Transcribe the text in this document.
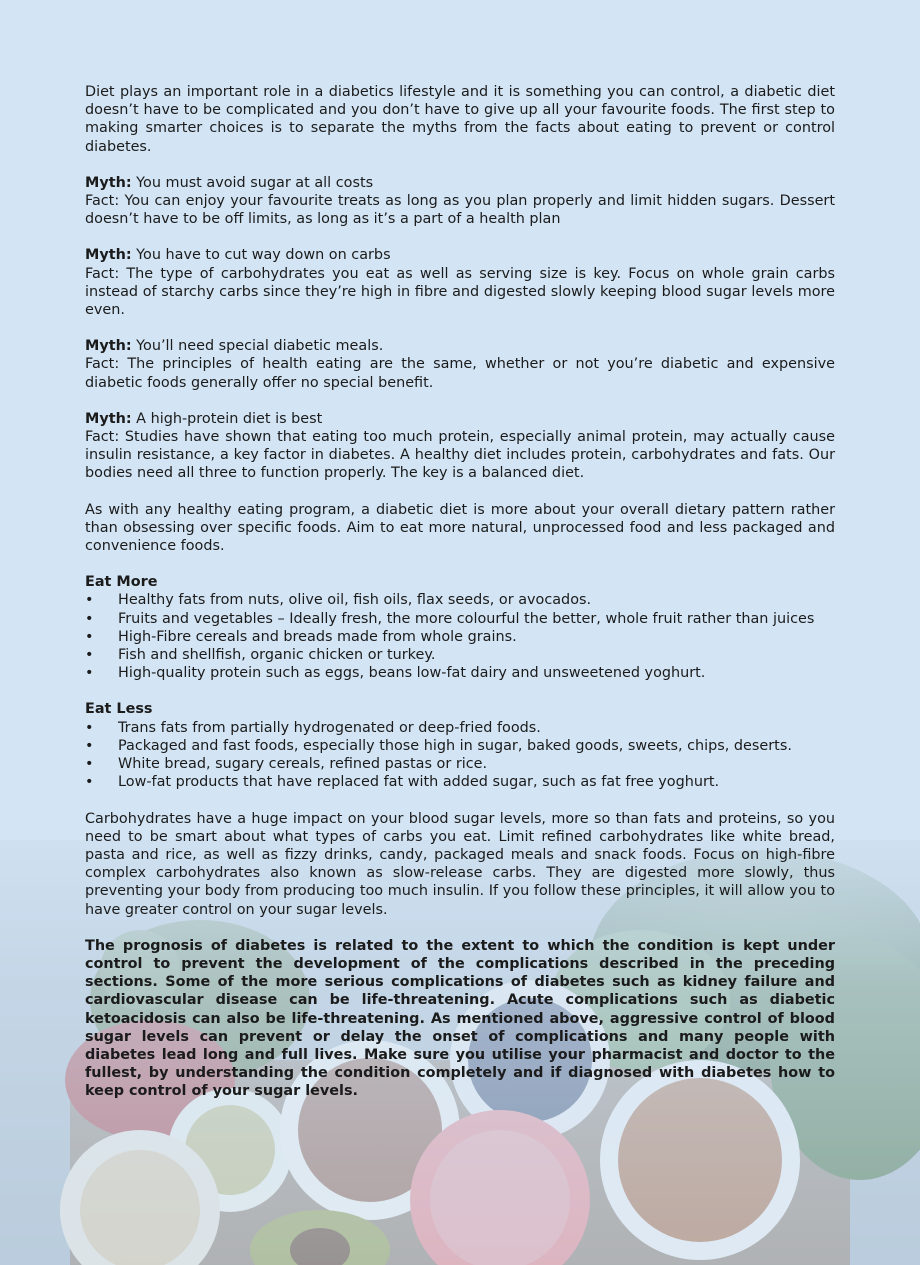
Diet plays an important role in a diabetics lifestyle and it is something you can control, a diabetic diet doesn’t have to be complicated and you don’t have to give up all your favourite foods. The first step to making smarter choices is to separate the myths from the facts about eating to prevent or control diabetes.

Myth: You must avoid sugar at all costs
Fact: You can enjoy your favourite treats as long as you plan properly and limit hidden sugars. Dessert doesn’t have to be off limits, as long as it’s a part of a health plan
Myth: You have to cut way down on carbs
Fact: The type of carbohydrates you eat as well as serving size is key. Focus on whole grain carbs instead of starchy carbs since they’re high in fibre and digested slowly keeping blood sugar levels more even.
Myth: You’ll need special diabetic meals.
Fact: The principles of health eating are the same, whether or not you’re diabetic and expensive diabetic foods generally offer no special benefit.
Myth: A high-protein diet is best
Fact: Studies have shown that eating too much protein, especially animal protein, may actually cause insulin resistance, a key factor in diabetes. A healthy diet includes protein, carbohydrates and fats. Our bodies need all three to function properly. The key is a balanced diet.

As with any healthy eating program, a diabetic diet is more about your overall dietary pattern rather than obsessing over specific foods. Aim to eat more natural, unprocessed food and less packaged and convenience foods.

Eat More
• Healthy fats from nuts, olive oil, fish oils, flax seeds, or avocados.
• Fruits and vegetables – Ideally fresh, the more colourful the better, whole fruit rather than juices
• High-Fibre cereals and breads made from whole grains.
• Fish and shellfish, organic chicken or turkey.
• High-quality protein such as eggs, beans low-fat dairy and unsweetened yoghurt.
Eat Less
• Trans fats from partially hydrogenated or deep-fried foods.
• Packaged and fast foods, especially those high in sugar, baked goods, sweets, chips, deserts.
• White bread, sugary cereals, refined pastas or rice.
• Low-fat products that have replaced fat with added sugar, such as fat free yoghurt.

Carbohydrates have a huge impact on your blood sugar levels, more so than fats and proteins, so you need to be smart about what types of carbs you eat. Limit refined carbohydrates like white bread, pasta and rice, as well as fizzy drinks, candy, packaged meals and snack foods. Focus on high-fibre complex carbohydrates also known as slow-release carbs. They are digested more slowly, thus preventing your body from producing too much insulin. If you follow these principles, it will allow you to have greater control on your sugar levels.

The prognosis of diabetes is related to the extent to which the condition is kept under control to prevent the development of the complications described in the preceding sections. Some of the more serious complications of diabetes such as kidney failure and cardiovascular disease can be life-threatening. Acute complications such as diabetic ketoacidosis can also be life-threatening. As mentioned above, aggressive control of blood sugar levels can prevent or delay the onset of complications and many people with diabetes lead long and full lives. Make sure you utilise your pharmacist and doctor to the fullest, by understanding the condition completely and if diagnosed with diabetes how to keep control of your sugar levels.
